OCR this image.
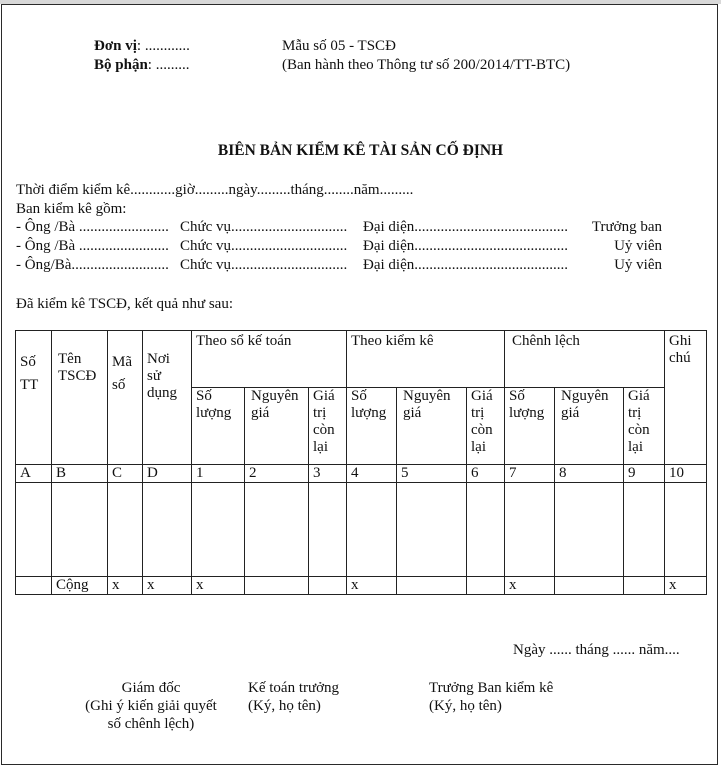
Đơn vị: ............
Bộ phận: .........
Mẫu số 05 - TSCĐ
(Ban hành theo Thông tư số 200/2014/TT-BTC)
BIÊN BẢN KIỂM KÊ TÀI SẢN CỐ ĐỊNH
Thời điểm kiểm kê............giờ.........ngày.........tháng........năm.........
Ban kiểm kê gồm:
- Ông /Bà ........................ Chức vụ............................... Đại diện......................................... Trưởng ban
- Ông /Bà ........................ Chức vụ............................... Đại diện.........................................	Uỷ viên
- Ông/Bà.......................... Chức vụ............................... Đại diện.........................................	Uỷ viên
Đã kiểm kê TSCĐ, kết quả như sau:
Số TT	Tên TSCĐ	Mã số	Nơi sử dụng	Theo sổ kế toán			Theo kiểm kê			Chênh lệch			Ghi chú

				Số lượng	Nguyên giá	Giá trị còn lại	Số lượng	Nguyên giá	Giá trị còn lại	Số lượng	Nguyên giá	Giá trị còn lại	

A	B	C	D	1	2	3	4	5	6	7	8	9	10

	Cộng	x	x	x			x			x			x
Ngày ...... tháng ...... năm....
Giám đốc
(Ghi ý kiến giải quyết
số chênh lệch)
Kế toán trưởng
(Ký, họ tên)
Trưởng Ban kiểm kê
(Ký, họ tên)
